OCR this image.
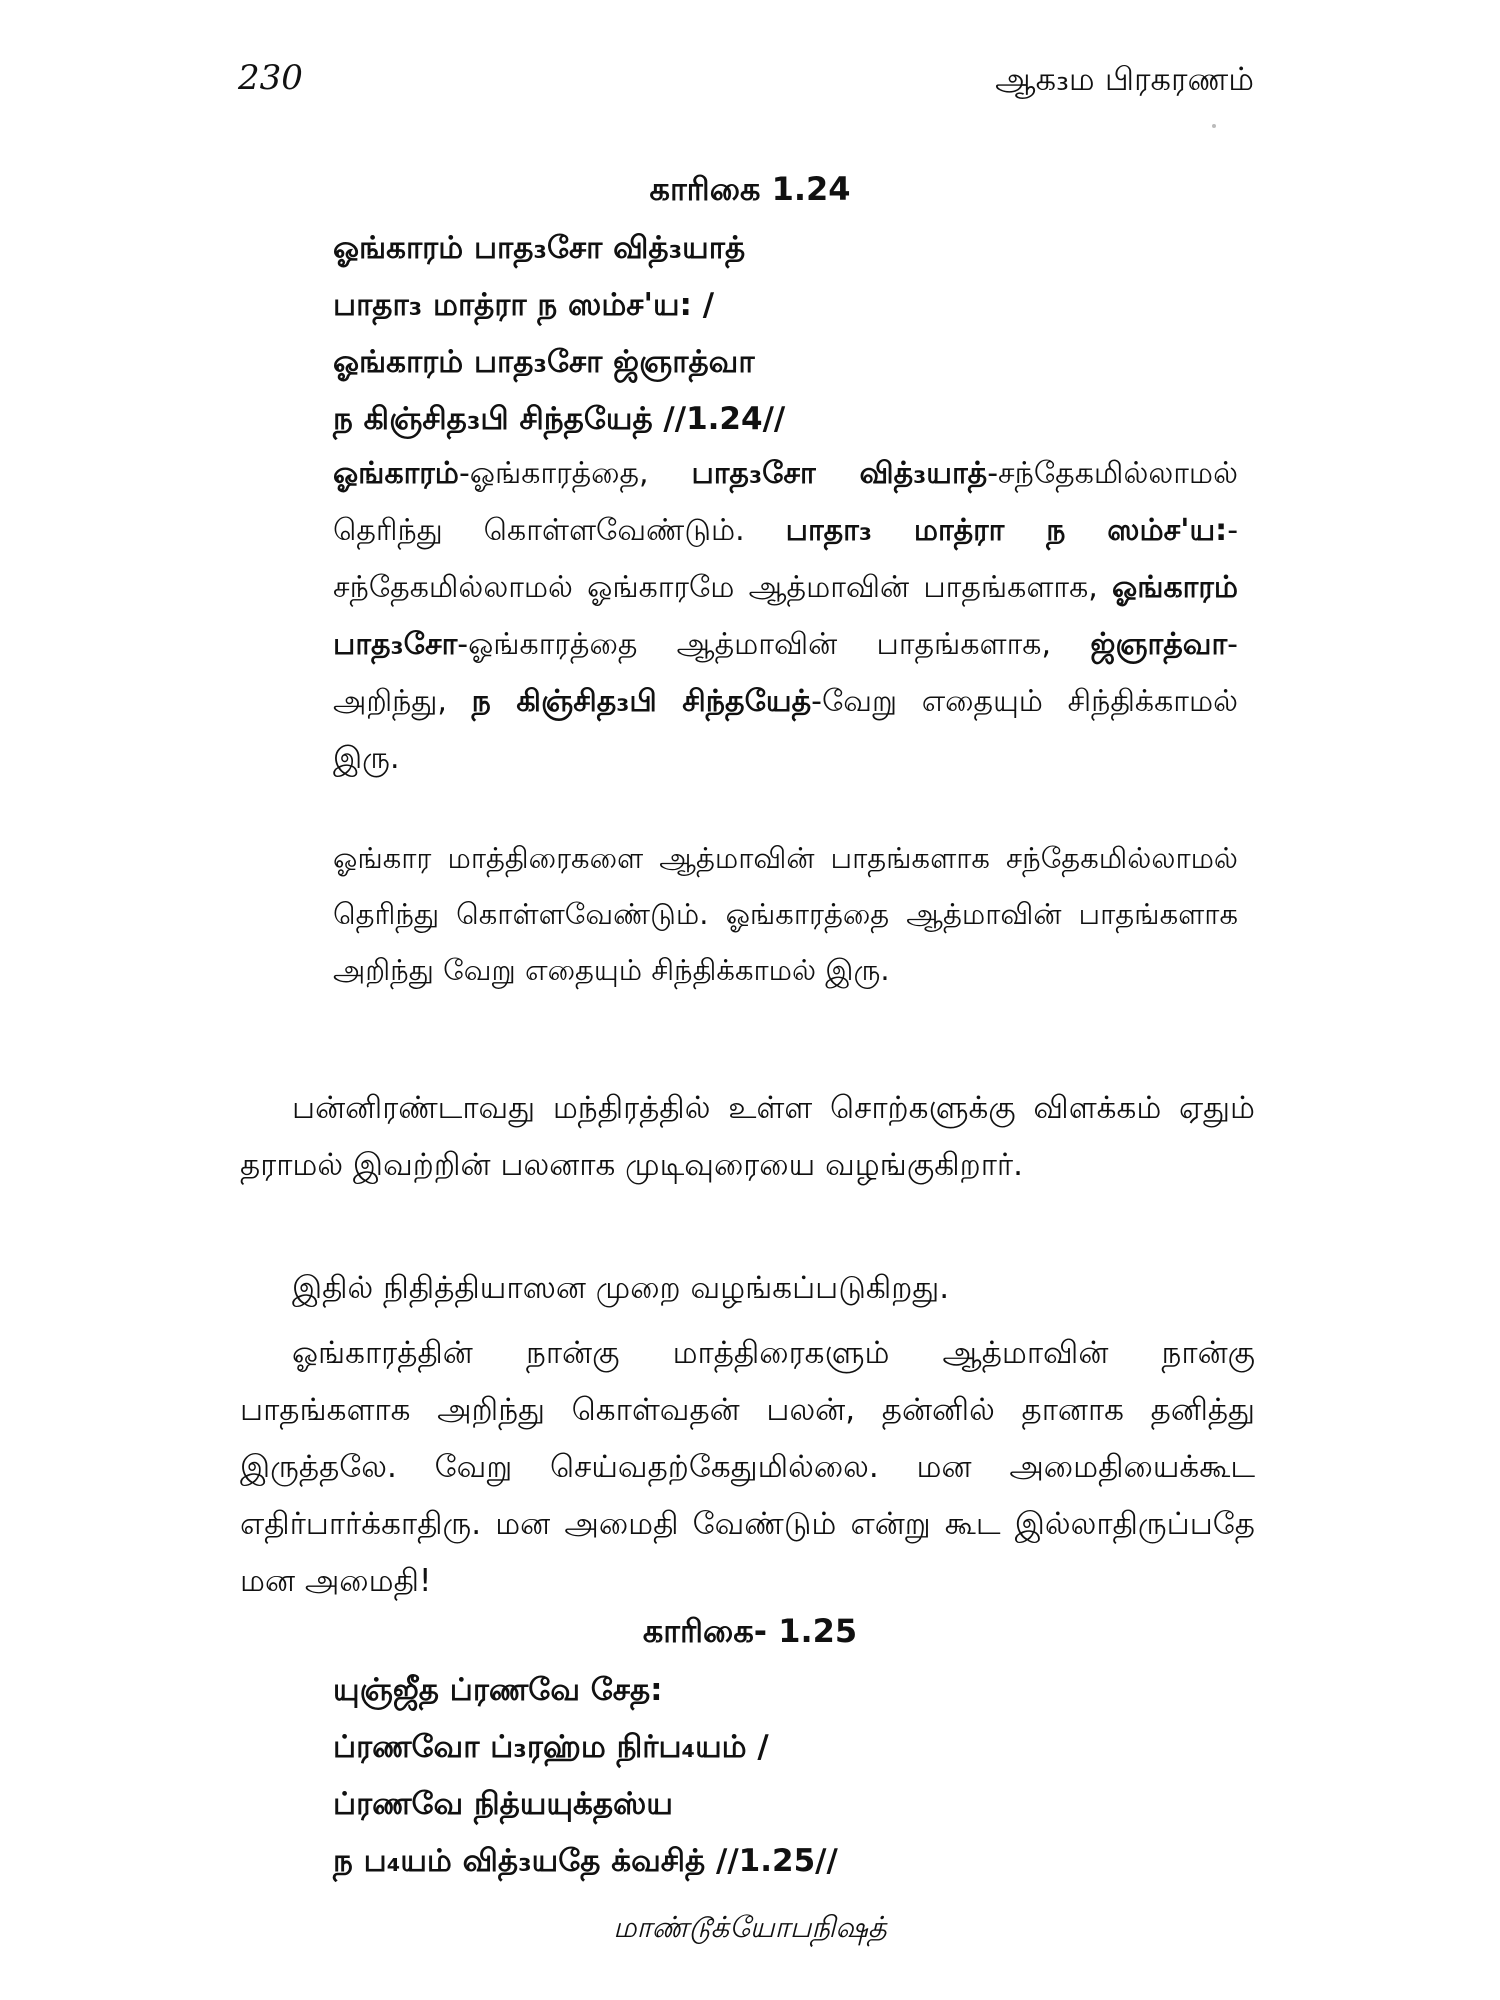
230	ஆக₃ம பிரகரணம்
காரிகை 1.24
ஓங்காரம் பாத₃சோ வித்₃யாத்
பாதா₃ மாத்ரா ந ஸம்ச'ய: /
ஓங்காரம் பாத₃சோ ஜ்ஞாத்வா
ந கிஞ்சித₃பி சிந்தயேத் //1.24//
ஓங்காரம்-ஓங்காரத்தை, பாத₃சோ வித்₃யாத்-சந்தேகமில்லாமல் தெரிந்து கொள்ளவேண்டும். பாதா₃ மாத்ரா ந ஸம்ச'ய:-சந்தேகமில்லாமல் ஓங்காரமே ஆத்மாவின் பாதங்களாக, ஓங்காரம் பாத₃சோ-ஓங்காரத்தை ஆத்மாவின் பாதங்களாக, ஜ்ஞாத்வா-அறிந்து, ந கிஞ்சித₃பி சிந்தயேத்-வேறு எதையும் சிந்திக்காமல் இரு.
ஓங்கார மாத்திரைகளை ஆத்மாவின் பாதங்களாக சந்தேகமில்லாமல் தெரிந்து கொள்ளவேண்டும். ஓங்காரத்தை ஆத்மாவின் பாதங்களாக அறிந்து வேறு எதையும் சிந்திக்காமல் இரு.
பன்னிரண்டாவது மந்திரத்தில் உள்ள சொற்களுக்கு விளக்கம் ஏதும் தராமல் இவற்றின் பலனாக முடிவுரையை வழங்குகிறார்.
இதில் நிதித்தியாஸன முறை வழங்கப்படுகிறது.
ஓங்காரத்தின் நான்கு மாத்திரைகளும் ஆத்மாவின் நான்கு பாதங்களாக அறிந்து கொள்வதன் பலன், தன்னில் தானாக தனித்து இருத்தலே. வேறு செய்வதற்கேதுமில்லை. மன அமைதியைக்கூட எதிர்பார்க்காதிரு. மன அமைதி வேண்டும் என்று கூட இல்லாதிருப்பதே மன அமைதி!
காரிகை- 1.25
யுஞ்ஜீத ப்ரணவே சேத:
ப்ரணவோ ப்₃ரஹ்ம நிர்ப₄யம் /
ப்ரணவே நித்யயுக்தஸ்ய
ந ப₄யம் வித்₃யதே க்வசித் //1.25//
மாண்டூக்யோபநிஷத்
